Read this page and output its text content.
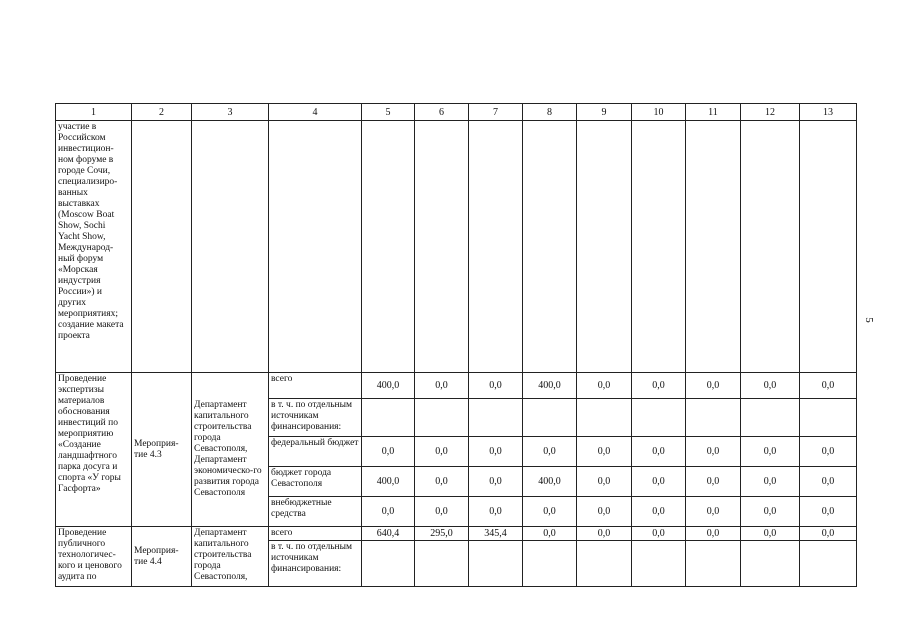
1	2	3	4	5	6	7	8	9	10	11	12	13
участие в Российском инвестицион-ном форуме в городе Сочи, специализиро-ванных выставках (Moscow Boat Show, Sochi Yacht Show, Международ-ный форум «Морская индустрия России») и других мероприятиях; создание макета проекта												
Проведение экспертизы материалов обоснования инвестиций по мероприятию «Создание ландшафтного парка досуга и спорта «У горы Гасфорта»	Мероприя-тие 4.3	Департамент капитального строительства города Севастополя, Департамент экономическо-го развития города Севастополя	всего	400,0	0,0	0,0	400,0	0,0	0,0	0,0	0,0	0,0
			в т. ч. по отдельным источникам финансирования:									
			федеральный бюджет	0,0	0,0	0,0	0,0	0,0	0,0	0,0	0,0	0,0
			бюджет города Севастополя	400,0	0,0	0,0	400,0	0,0	0,0	0,0	0,0	0,0
			внебюджетные средства	0,0	0,0	0,0	0,0	0,0	0,0	0,0	0,0	0,0
Проведение публичного технологичес-кого и ценового аудита по	Мероприя-тие 4.4	Департамент капитального строительства города Севастополя,	всего	640,4	295,0	345,4	0,0	0,0	0,0	0,0	0,0	0,0
			в т. ч. по отдельным источникам финансирования:									
5
